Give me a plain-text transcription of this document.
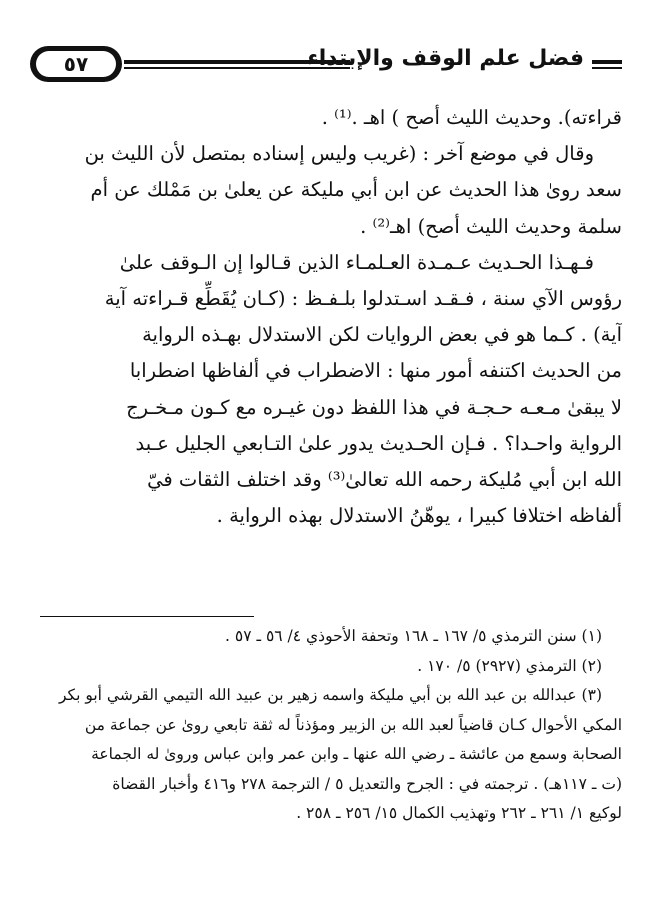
٥٧	فضل علم الوقف والإبتداء
قراءته). وحديث الليث أصح ) اهـ .⁽¹⁾ .
وقال في موضع آخر : (غريب وليس إسناده بمتصل لأن الليث بن
سعد روىٰ هذا الحديث عن ابن أبي مليكة عن يعلىٰ بن مَمْلك عن أم
سلمة وحديث الليث أصح) اهـ⁽²⁾ .
فـهـذا الحـديث عـمـدة العـلمـاء الذين قـالوا إن الـوقف علىٰ
رؤوس الآي سنة ، فـقـد اسـتدلوا بلـفـظ : (كـان يُقَطِّع قـراءته آية
آية) . كـما هو في بعض الروايات لكن الاستدلال بهـذه الرواية
من الحديث اكتنفه أمور منها : الاضطراب في ألفاظها اضطرابا
لا يبقىٰ مـعـه حـجـة في هذا اللفظ دون غيـره مع كـون مـخـرج
الرواية واحـدا؟ . فـإن الحـديث يدور علىٰ التـابعي الجليل عـبد
الله ابن أبي مُليكة رحمه الله تعالىٰ⁽³⁾ وقد اختلف الثقات فيّ
ألفاظه اختلافا كبيرا ، يوهّنُ الاستدلال بهذه الرواية .
(١) سنن الترمذي ٥/ ١٦٧ ـ ١٦٨ وتحفة الأحوذي ٤/ ٥٦ ـ ٥٧ .
(٢) الترمذي (٢٩٢٧) ٥/ ١٧٠ .
(٣) عبدالله بن عبد الله بن أبي مليكة واسمه زهير بن عبيد الله التيمي القرشي أبو بكر
المكي الأحوال كـان قاضياً لعبد الله بن الزبير ومؤذناً له ثقة تابعي روىٰ عن جماعة من
الصحابة وسمع من عائشة ـ رضي الله عنها ـ وابن عمر وابن عباس وروىٰ له الجماعة
(ت ـ ١١٧هـ) . ترجمته في : الجرح والتعديل ٥ / الترجمة ٢٧٨ و٤١٦ وأخبار القضاة
لوكيع ١/ ٢٦١ ـ ٢٦٢ وتهذيب الكمال ١٥/ ٢٥٦ ـ ٢٥٨ .
